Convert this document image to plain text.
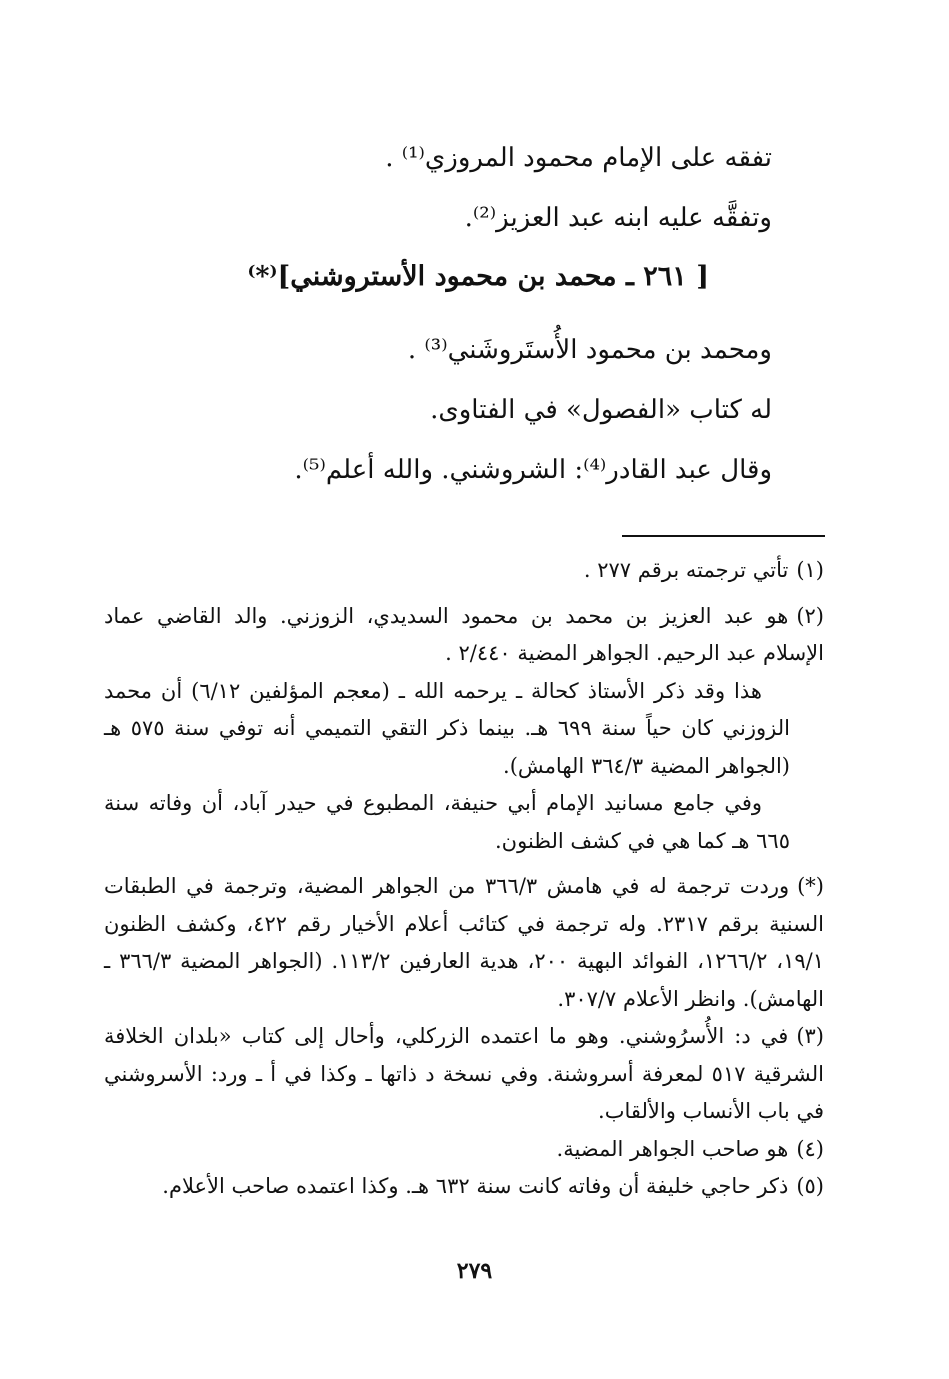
تفقه على الإمام محمود المروزي⁽¹⁾ .
وتفقَّه عليه ابنه عبد العزيز⁽²⁾.
[ ٢٦١ ـ محمد بن محمود الأستروشني]⁽*⁾
ومحمد بن محمود الأُستَروشَني⁽³⁾ .
له كتاب «الفصول» في الفتاوى.
وقال عبد القادر⁽⁴⁾: الشروشني. والله أعلم⁽⁵⁾.
(١)تأتي ترجمته برقم ٢٧٧ .
(٢)هو عبد العزيز بن محمد بن محمود السديدي، الزوزني. والد القاضي عماد الإسلام عبد الرحيم. الجواهر المضية ٢/٤٤٠ .
هذا وقد ذكر الأستاذ كحالة ـ يرحمه الله ـ (معجم المؤلفين ٦/١٢) أن محمد الزوزني كان حياً سنة ٦٩٩ هـ. بينما ذكر التقي التميمي أنه توفي سنة ٥٧٥ هـ (الجواهر المضية ٣٦٤/٣ الهامش).
وفي جامع مسانيد الإمام أبي حنيفة، المطبوع في حيدر آباد، أن وفاته سنة ٦٦٥ هـ كما هي في كشف الظنون.
(*)وردت ترجمة له في هامش ٣٦٦/٣ من الجواهر المضية، وترجمة في الطبقات السنية برقم ٢٣١٧. وله ترجمة في كتائب أعلام الأخيار رقم ٤٢٢، وكشف الظنون ١٩/١، ١٢٦٦/٢، الفوائد البهية ٢٠٠، هدية العارفين ١١٣/٢. (الجواهر المضية ٣٦٦/٣ ـ الهامش). وانظر الأعلام ٣٠٧/٧.
(٣)في د: الأُسرُوشني. وهو ما اعتمده الزركلي، وأحال إلى كتاب «بلدان الخلافة الشرقية ٥١٧ لمعرفة أسروشنة. وفي نسخة د ذاتها ـ وكذا في أ ـ ورد: الأسروشني في باب الأنساب والألقاب.
(٤)هو صاحب الجواهر المضية.
(٥)ذكر حاجي خليفة أن وفاته كانت سنة ٦٣٢ هـ. وكذا اعتمده صاحب الأعلام.
٢٧٩
